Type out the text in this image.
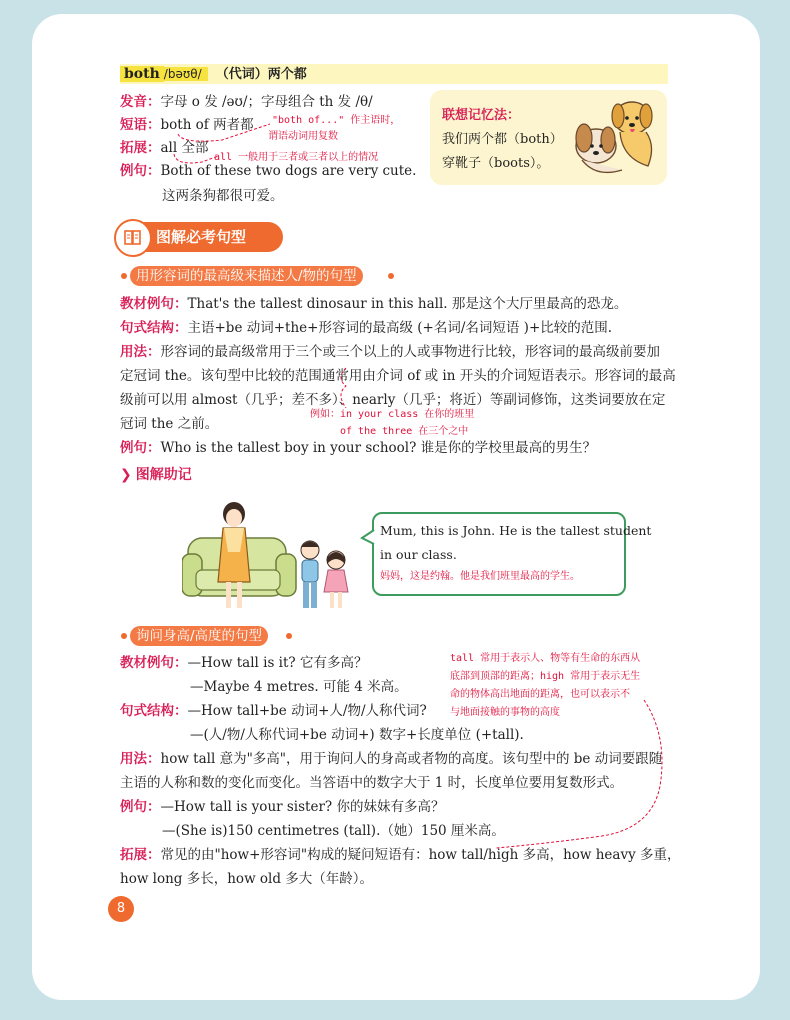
both /bəʊθ/ （代词）两个都
发音：字母 o 发 /əʊ/；字母组合 th 发 /θ/
短语：both of 两者都
拓展：all 全部
例句：Both of these two dogs are very cute.
这两条狗都很可爱。
"both of..." 作主语时，
谓语动词用复数
all 一般用于三者或三者以上的情况
联想记忆法：
我们两个都（both）
穿靴子（boots）。
图解必考句型
用形容词的最高级来描述人/物的句型
教材例句：That's the tallest dinosaur in this hall. 那是这个大厅里最高的恐龙。
句式结构：主语+be 动词+the+形容词的最高级 (+名词/名词短语 )+比较的范围.
用法：形容词的最高级常用于三个或三个以上的人或事物进行比较，形容词的最高级前要加
定冠词 the。该句型中比较的范围通常用由介词 of 或 in 开头的介词短语表示。形容词的最高
级前可以用 almost（几乎；差不多）、nearly（几乎；将近）等副词修饰，这类词要放在定
冠词 the 之前。
例如：in your class 在你的班里
of the three 在三个之中
例句：Who is the tallest boy in your school? 谁是你的学校里最高的男生？
❯ 图解助记
Mum, this is John. He is the tallest student
in our class.
妈妈，这是约翰。他是我们班里最高的学生。
询问身高/高度的句型
教材例句：—How tall is it? 它有多高？
—Maybe 4 metres. 可能 4 米高。
句式结构：—How tall+be 动词+人/物/人称代词?
—(人/物/人称代词+be 动词+) 数字+长度单位 (+tall).
tall 常用于表示人、物等有生命的东西从
底部到顶部的距离；high 常用于表示无生
命的物体高出地面的距离，也可以表示不
与地面接触的事物的高度
用法：how tall 意为"多高"，用于询问人的身高或者物的高度。该句型中的 be 动词要跟随
主语的人称和数的变化而变化。当答语中的数字大于 1 时，长度单位要用复数形式。
例句：—How tall is your sister? 你的妹妹有多高？
—(She is)150 centimetres (tall).（她）150 厘米高。
拓展：常见的由"how+形容词"构成的疑问短语有：how tall/high 多高，how heavy 多重，
how long 多长，how old 多大（年龄）。
8
